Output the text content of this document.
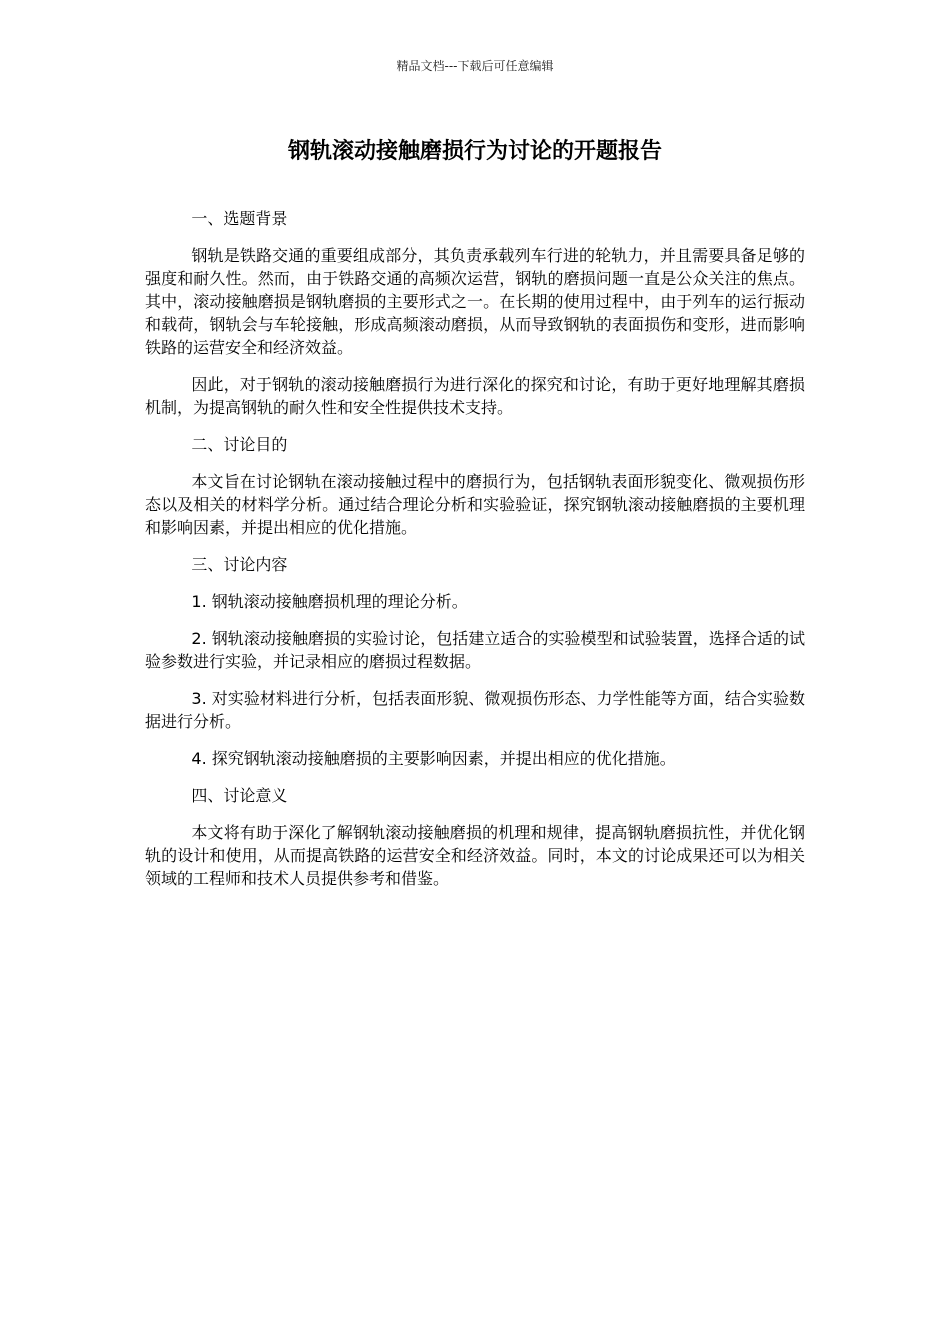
精品文档---下载后可任意编辑
钢轨滚动接触磨损行为讨论的开题报告

一、选题背景

钢轨是铁路交通的重要组成部分，其负责承载列车行进的轮轨力，并且需要具备足够的强度和耐久性。然而，由于铁路交通的高频次运营，钢轨的磨损问题一直是公众关注的焦点。其中，滚动接触磨损是钢轨磨损的主要形式之一。在长期的使用过程中，由于列车的运行振动和载荷，钢轨会与车轮接触，形成高频滚动磨损，从而导致钢轨的表面损伤和变形，进而影响铁路的运营安全和经济效益。

因此，对于钢轨的滚动接触磨损行为进行深化的探究和讨论，有助于更好地理解其磨损机制，为提高钢轨的耐久性和安全性提供技术支持。

二、讨论目的

本文旨在讨论钢轨在滚动接触过程中的磨损行为，包括钢轨表面形貌变化、微观损伤形态以及相关的材料学分析。通过结合理论分析和实验验证，探究钢轨滚动接触磨损的主要机理和影响因素，并提出相应的优化措施。

三、讨论内容

1. 钢轨滚动接触磨损机理的理论分析。

2. 钢轨滚动接触磨损的实验讨论，包括建立适合的实验模型和试验装置，选择合适的试验参数进行实验，并记录相应的磨损过程数据。

3. 对实验材料进行分析，包括表面形貌、微观损伤形态、力学性能等方面，结合实验数据进行分析。

4. 探究钢轨滚动接触磨损的主要影响因素，并提出相应的优化措施。

四、讨论意义

本文将有助于深化了解钢轨滚动接触磨损的机理和规律，提高钢轨磨损抗性，并优化钢轨的设计和使用，从而提高铁路的运营安全和经济效益。同时，本文的讨论成果还可以为相关领域的工程师和技术人员提供参考和借鉴。
